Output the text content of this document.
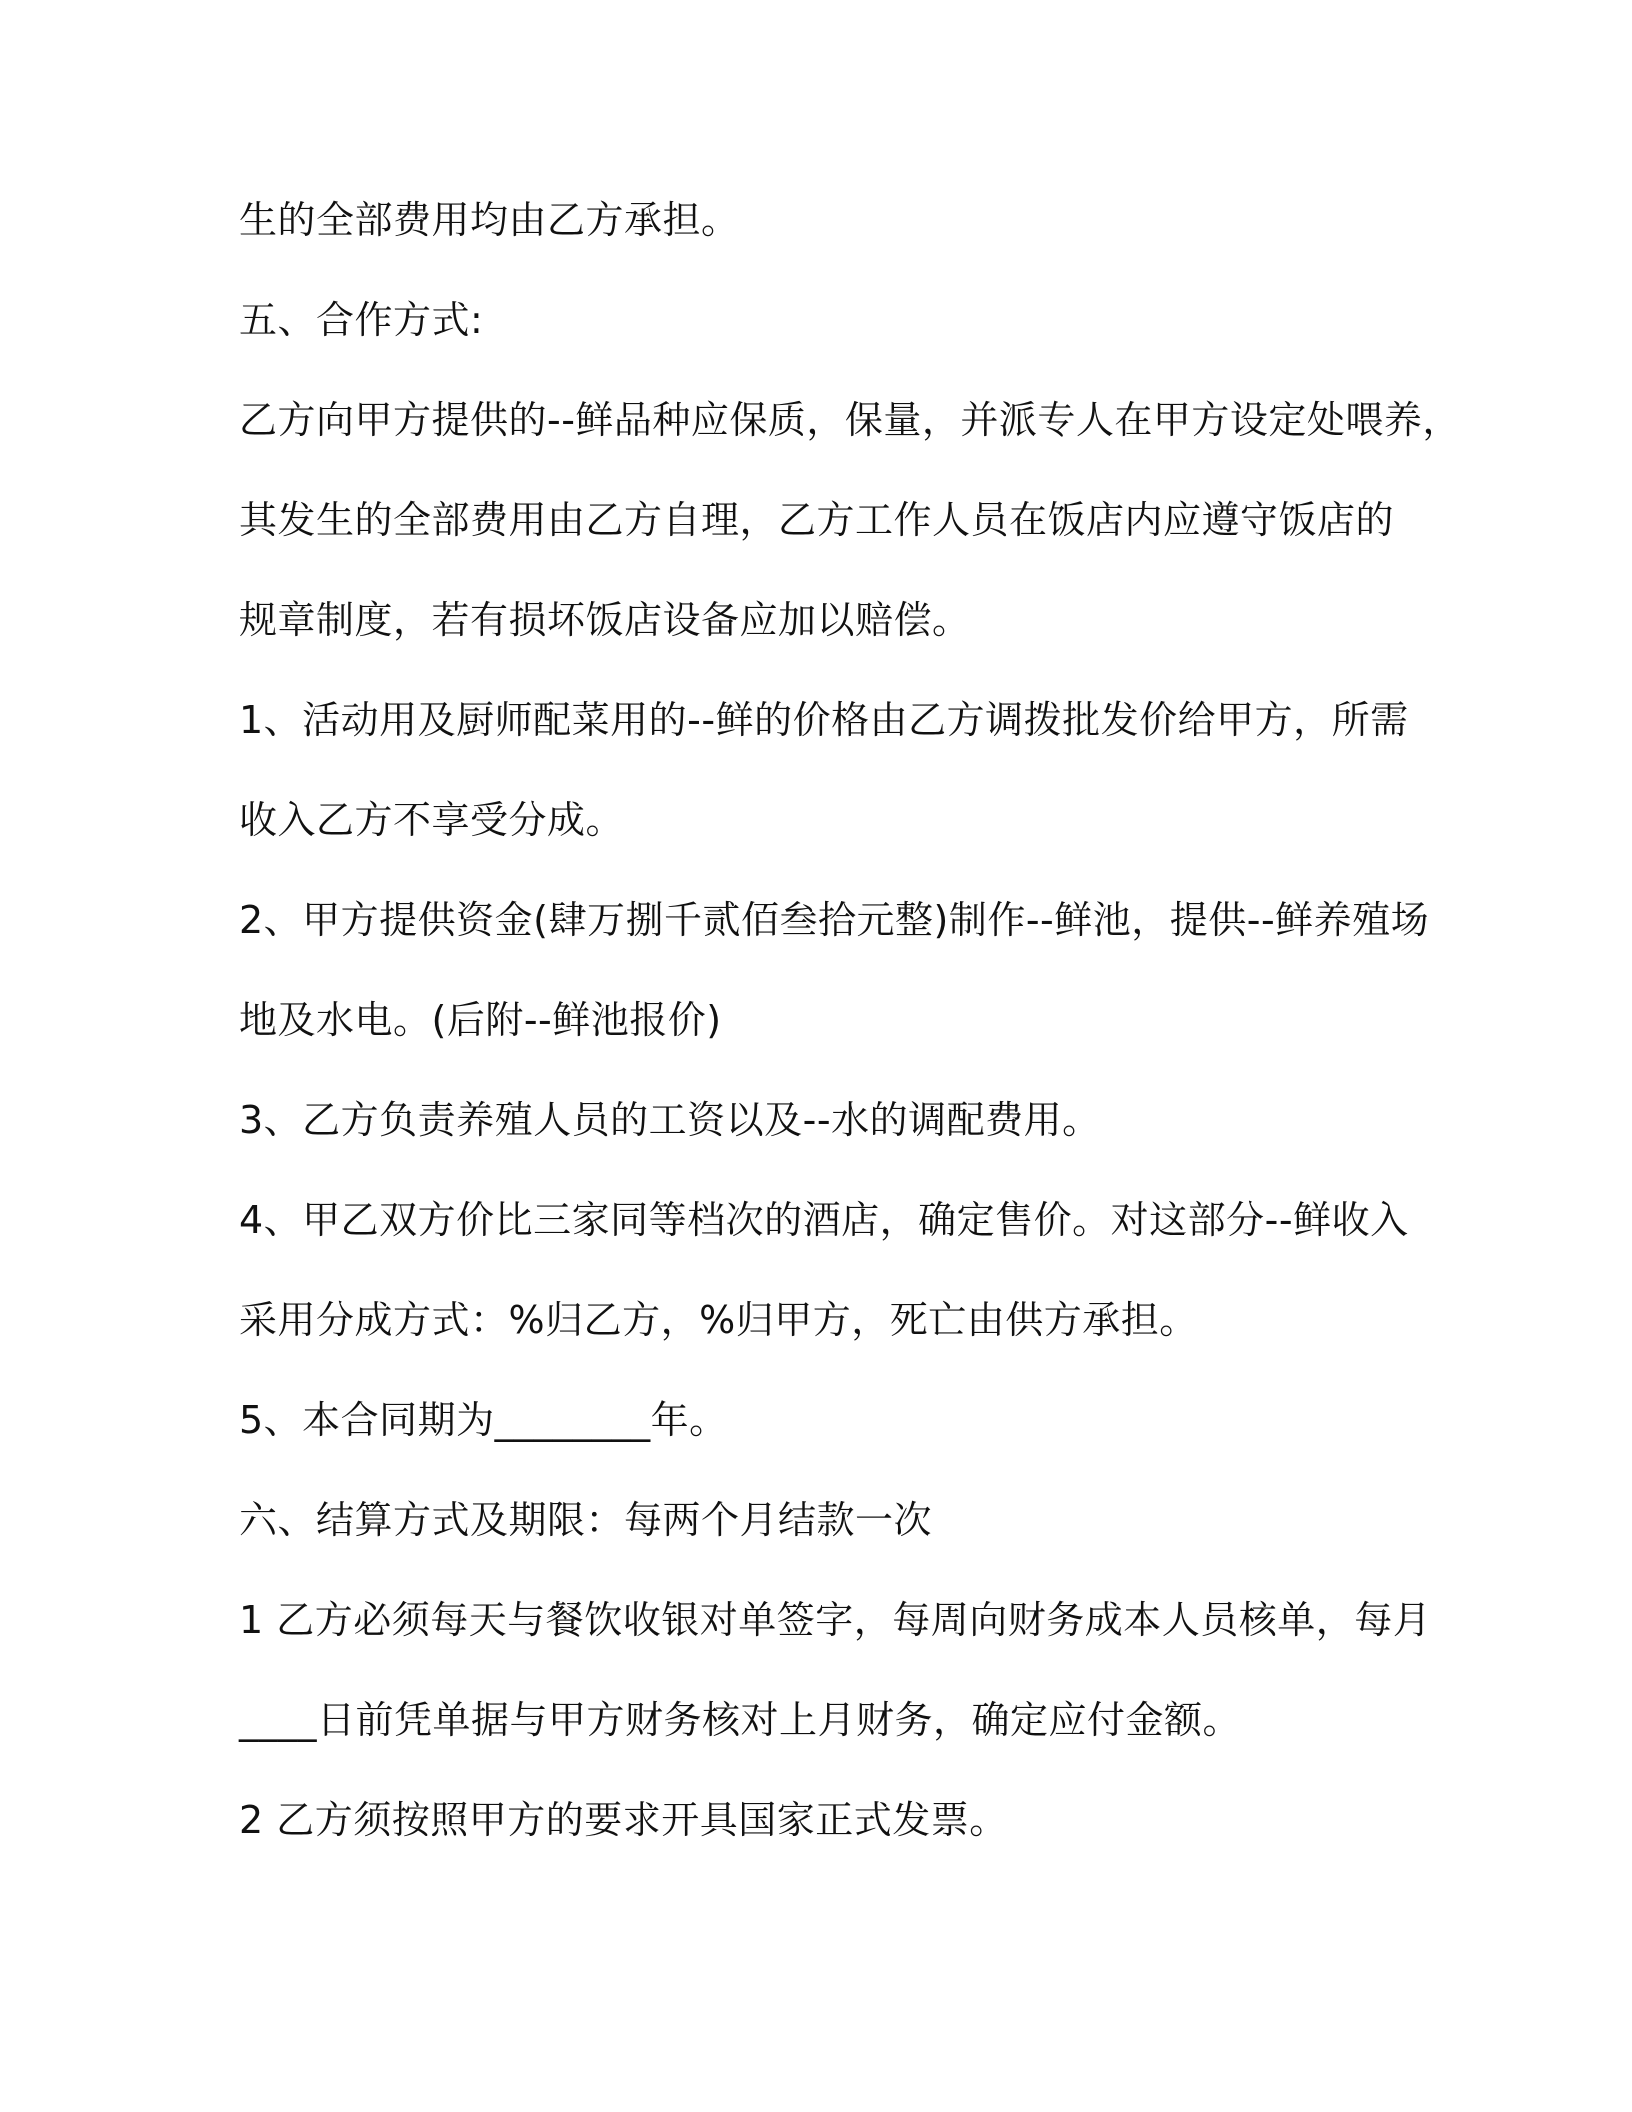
生的全部费用均由乙方承担。

五、合作方式:

乙方向甲方提供的--鲜品种应保质，保量，并派专人在甲方设定处喂养，

其发生的全部费用由乙方自理，乙方工作人员在饭店内应遵守饭店的

规章制度，若有损坏饭店设备应加以赔偿。

1、活动用及厨师配菜用的--鲜的价格由乙方调拨批发价给甲方，所需

收入乙方不享受分成。

2、甲方提供资金(肆万捌千贰佰叁拾元整)制作--鲜池，提供--鲜养殖场

地及水电。(后附--鲜池报价)

3、乙方负责养殖人员的工资以及--水的调配费用。

4、甲乙双方价比三家同等档次的酒店，确定售价。对这部分--鲜收入

采用分成方式：%归乙方，%归甲方，死亡由供方承担。

5、本合同期为________年。

六、结算方式及期限：每两个月结款一次

1 乙方必须每天与餐饮收银对单签字，每周向财务成本人员核单，每月

____日前凭单据与甲方财务核对上月财务，确定应付金额。

2 乙方须按照甲方的要求开具国家正式发票。
